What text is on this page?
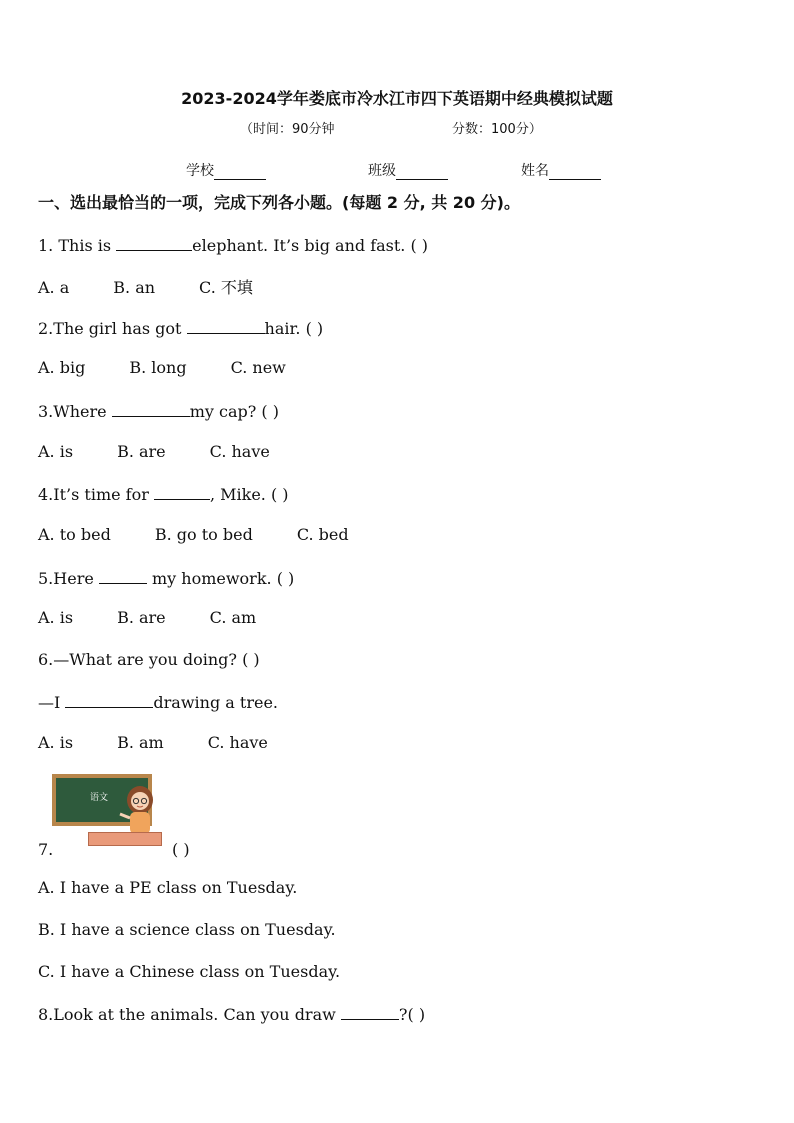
2023-2024学年娄底市冷水江市四下英语期中经典模拟试题
（时间：90分钟	分数：100分）
学校	班级	姓名
一、选出最恰当的一项，完成下列各小题。(每题 2 分, 共 20 分)。
1. This is	elephant. It’s big and fast. ( )
A. a	B. an	C. 不填
2.The girl has got	hair. ( )
A. big	B. long	C. new
3.Where	my cap? ( )
A. is	B. are	C. have
4.It’s time for	, Mike. ( )
A. to bed	B. go to bed	C. bed
5.Here	my homework. ( )
A. is	B. are	C. am
6.—What are you doing? ( )
—I	drawing a tree.
A. is	B. am	C. have
语文
7.	( )
A. I have a PE class on Tuesday.
B. I have a science class on Tuesday.
C. I have a Chinese class on Tuesday.
8.Look at the animals. Can you draw	?( )
